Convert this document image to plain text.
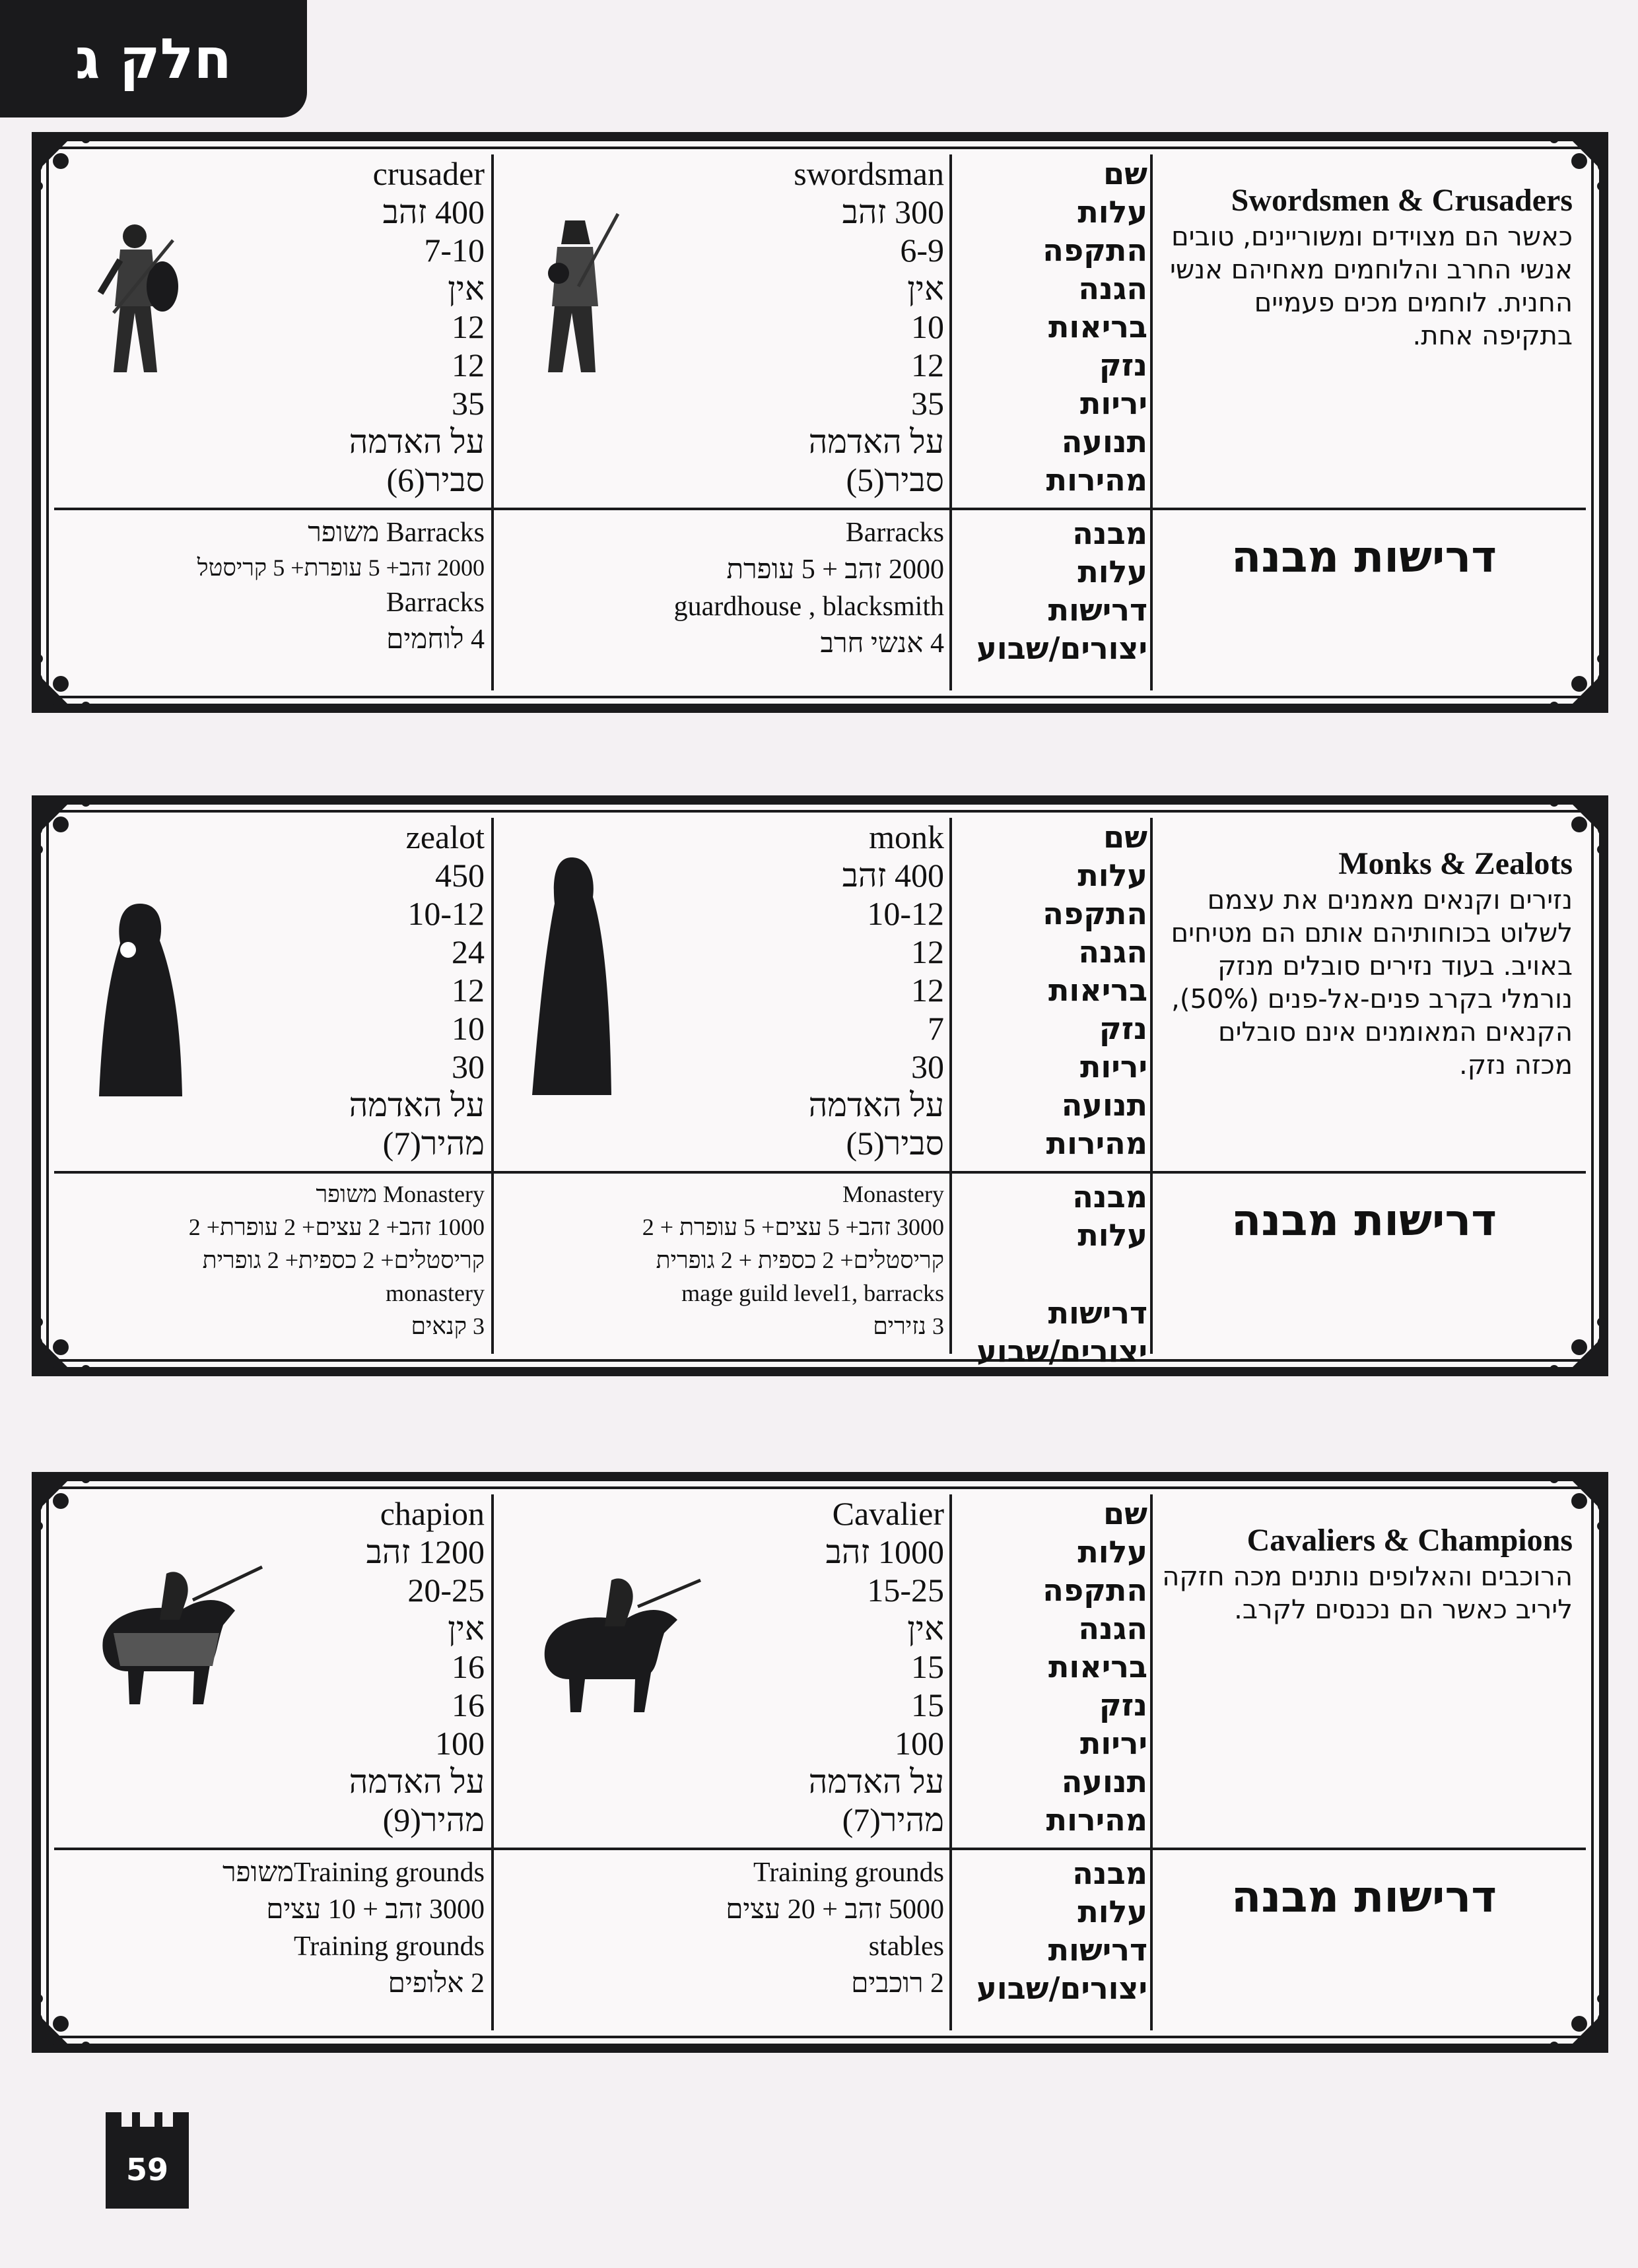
חלק ג
Swordsmen & Crusaders
כאשר הם מצוידים ומשוריינים, טובים אנשי החרב והלוחמים מאחיהם אנשי החנית. לוחמים מכים פעמיים בתקיפה אחת.
דרישות מבנה
שם
עלות
התקפה
הגנה
בריאות
נזק
יריות
תנועה
מהירות
מבנה
עלות
דרישות
יצורים/שבוע
swordsman
300 זהב
6-9
אין
10
12
35
על האדמה
סביר(5)
Barracks
2000 זהב + 5 עופרת
guardhouse , blacksmith
4 אנשי חרב
crusader
400 זהב
7-10
אין
12
12
35
על האדמה
סביר(6)
Barracks משופר
2000 זהב+ 5 עופרת+ 5 קריסטל
Barracks
4 לוחמים
Monks & Zealots
נזירים וקנאים מאמנים את עצמם לשלוט בכוחותיהם אותם הם מטיחים באויב. בעוד נזירים סובלים מנזק נורמלי בקרב פנים-אל-פנים (50%), הקנאים המאומנים אינם סובלים מכזה נזק.
דרישות מבנה
שם
עלות
התקפה
הגנה
בריאות
נזק
יריות
תנועה
מהירות
מבנה
עלות
דרישות
יצורים/שבוע
monk
400 זהב
10-12
12
12
7
30
על האדמה
סביר(5)
Monastery
3000 זהב+ 5 עצים+ 5 עופרת + 2
קריסטלים+ 2 כספית + 2 גופרית
mage guild level1, barracks
3 נזירים
zealot
450
10-12
24
12
10
30
על האדמה
מהיר(7)
Monastery משופר
1000 זהב+ 2 עצים+ 2 עופרת+ 2
קריסטלים+ 2 כספית+ 2 גופרית
monastery
3 קנאים
Cavaliers & Champions
הרוכבים והאלופים נותנים מכה חזקה ליריב כאשר הם נכנסים לקרב.
דרישות מבנה
שם
עלות
התקפה
הגנה
בריאות
נזק
יריות
תנועה
מהירות
מבנה
עלות
דרישות
יצורים/שבוע
Cavalier
1000 זהב
15-25
אין
15
15
100
על האדמה
מהיר(7)
Training grounds
5000 זהב + 20 עצים
stables
2 רוכבים
chapion
1200 זהב
20-25
אין
16
16
100
על האדמה
מהיר(9)
Training groundsמשופר
3000 זהב + 10 עצים
Training grounds
2 אלופים
59
